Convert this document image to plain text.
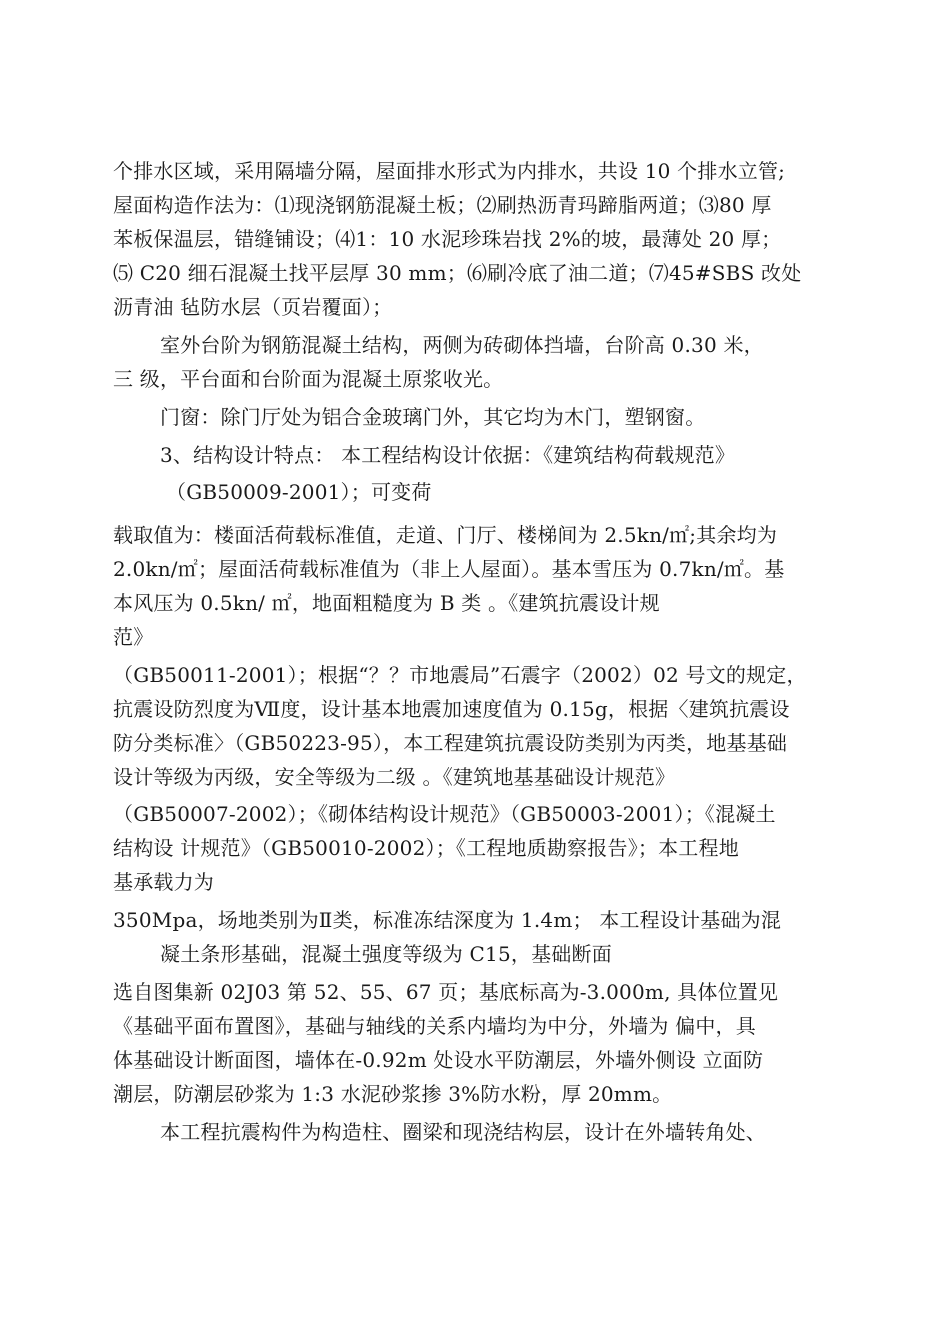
个排水区域，采用隔墙分隔，屋面排水形式为内排水，共设 10 个排水立管;
屋面构造作法为：⑴现浇钢筋混凝土板；⑵刷热沥青玛蹄脂两道；⑶80 厚
苯板保温层，错缝铺设；⑷1：10 水泥珍珠岩找 2%的坡，最薄处 20 厚；
⑸ C20 细石混凝土找平层厚 30 mm；⑹刷冷底了油二道；⑺45#SBS 改处
沥青油 毡防水层（页岩覆面）；
室外台阶为钢筋混凝土结构，两侧为砖砌体挡墙，台阶高 0.30 米，
三 级，平台面和台阶面为混凝土原浆收光。
门窗：除门厅处为铝合金玻璃门外，其它均为木门，塑钢窗。
3、结构设计特点： 本工程结构设计依据：《建筑结构荷载规范》
（GB50009-2001）；可变荷
载取值为：楼面活荷载标准值，走道、门厅、楼梯间为 2.5kn/㎡;其余均为
2.0kn/㎡；屋面活荷载标准值为（非上人屋面）。基本雪压为 0.7kn/㎡。基
本风压为 0.5kn/ ㎡，地面粗糙度为 B 类 。《建筑抗震设计规
范》
（GB50011-2001）；根据“？？市地震局”石震字（2002）02 号文的规定，
抗震设防烈度为Ⅶ度，设计基本地震加速度值为 0.15g，根据〈建筑抗震设
防分类标准〉（GB50223-95），本工程建筑抗震设防类别为丙类，地基基础
设计等级为丙级，安全等级为二级 。《建筑地基基础设计规范》
（GB50007-2002）；《砌体结构设计规范》（GB50003-2001）；《混凝土
结构设 计规范》（GB50010-2002）；《工程地质勘察报告》；本工程地
基承载力为
350Mpa，场地类别为Ⅱ类，标准冻结深度为 1.4m； 本工程设计基础为混
凝土条形基础，混凝土强度等级为 C15，基础断面
选自图集新 02J03 第 52、55、67 页；基底标高为-3.000m, 具体位置见
《基础平面布置图》，基础与轴线的关系内墙均为中分，外墙为 偏中，具
体基础设计断面图，墙体在-0.92m 处设水平防潮层，外墙外侧设 立面防
潮层，防潮层砂浆为 1:3 水泥砂浆掺 3%防水粉，厚 20mm。
本工程抗震构件为构造柱、圈梁和现浇结构层，设计在外墙转角处、
